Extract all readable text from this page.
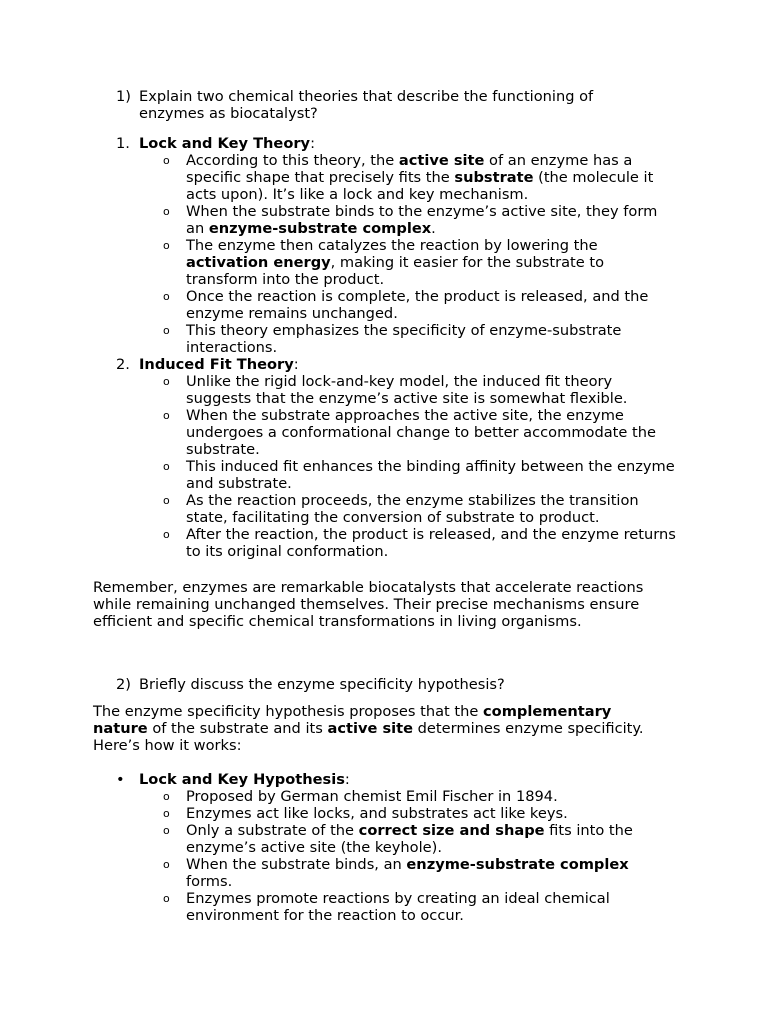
1) Explain two chemical theories that describe the functioning of enzymes as biocatalyst?
1. Lock and Key Theory:
o According to this theory, the active site of an enzyme has a specific shape that precisely fits the substrate (the molecule it acts upon). It’s like a lock and key mechanism.
o When the substrate binds to the enzyme’s active site, they form an enzyme-substrate complex.
o The enzyme then catalyzes the reaction by lowering the activation energy, making it easier for the substrate to transform into the product.
o Once the reaction is complete, the product is released, and the enzyme remains unchanged.
o This theory emphasizes the specificity of enzyme-substrate interactions.
2. Induced Fit Theory:
o Unlike the rigid lock-and-key model, the induced fit theory suggests that the enzyme’s active site is somewhat flexible.
o When the substrate approaches the active site, the enzyme undergoes a conformational change to better accommodate the substrate.
o This induced fit enhances the binding affinity between the enzyme and substrate.
o As the reaction proceeds, the enzyme stabilizes the transition state, facilitating the conversion of substrate to product.
o After the reaction, the product is released, and the enzyme returns to its original conformation.
Remember, enzymes are remarkable biocatalysts that accelerate reactions while remaining unchanged themselves. Their precise mechanisms ensure efficient and specific chemical transformations in living organisms.
2) Briefly discuss the enzyme specificity hypothesis?
The enzyme specificity hypothesis proposes that the complementary nature of the substrate and its active site determines enzyme specificity. Here’s how it works:
• Lock and Key Hypothesis:
o Proposed by German chemist Emil Fischer in 1894.
o Enzymes act like locks, and substrates act like keys.
o Only a substrate of the correct size and shape fits into the enzyme’s active site (the keyhole).
o When the substrate binds, an enzyme-substrate complex forms.
o Enzymes promote reactions by creating an ideal chemical environment for the reaction to occur.
